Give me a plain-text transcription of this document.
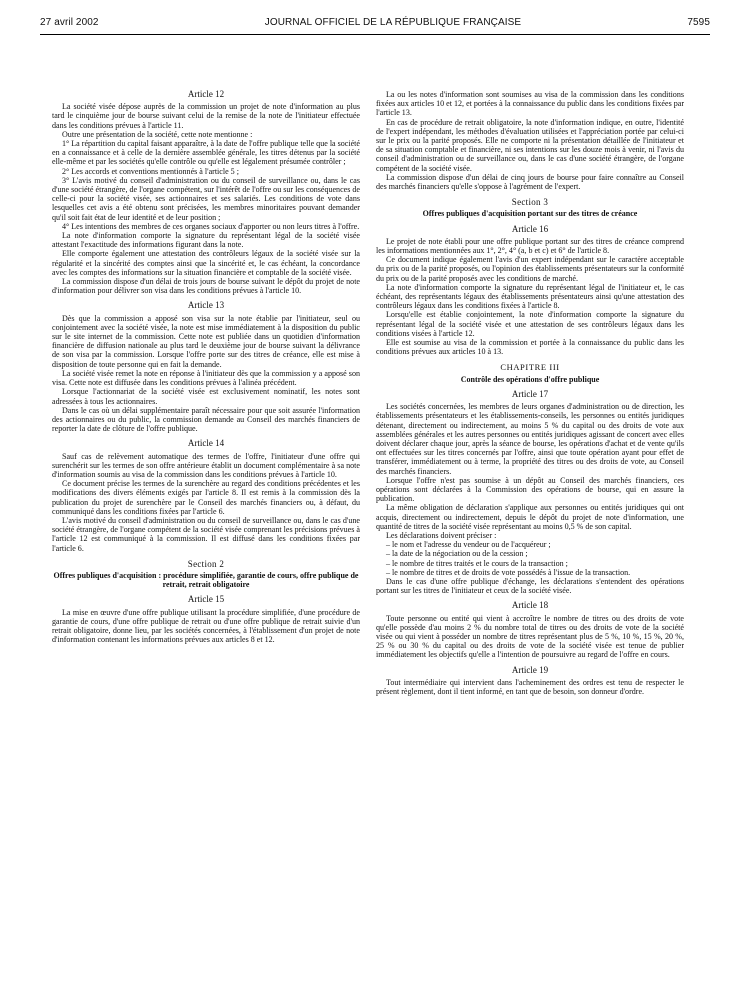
27 avril 2002	JOURNAL OFFICIEL DE LA RÉPUBLIQUE FRANÇAISE	7595
Article 12

La société visée dépose auprès de la commission un projet de note d'information au plus tard le cinquième jour de bourse suivant celui de la remise de la note de l'initiateur effectuée dans les conditions prévues à l'article 11.

Outre une présentation de la société, cette note mentionne :

1° La répartition du capital faisant apparaître, à la date de l'offre publique telle que la société en a connaissance et à celle de la dernière assemblée générale, les titres détenus par la société elle-même et par les sociétés qu'elle contrôle ou qu'elle est légalement présumée contrôler ;

2° Les accords et conventions mentionnés à l'article 5 ;

3° L'avis motivé du conseil d'administration ou du conseil de surveillance ou, dans le cas d'une société étrangère, de l'organe compétent, sur l'intérêt de l'offre ou sur les conséquences de celle-ci pour la société visée, ses actionnaires et ses salariés. Les conditions de vote dans lesquelles cet avis a été obtenu sont précisées, les membres minoritaires pouvant demander qu'il soit fait état de leur identité et de leur position ;

4° Les intentions des membres de ces organes sociaux d'apporter ou non leurs titres à l'offre.

La note d'information comporte la signature du représentant légal de la société visée attestant l'exactitude des informations figurant dans la note.

Elle comporte également une attestation des contrôleurs légaux de la société visée sur la régularité et la sincérité des comptes ainsi que la sincérité et, le cas échéant, la concordance avec les comptes des informations sur la situation financière et comptable de la société visée.

La commission dispose d'un délai de trois jours de bourse suivant le dépôt du projet de note d'information pour délivrer son visa dans les conditions prévues à l'article 10.

Article 13

Dès que la commission a apposé son visa sur la note établie par l'initiateur, seul ou conjointement avec la société visée, la note est mise immédiatement à la disposition du public sur le site internet de la commission. Cette note est publiée dans un quotidien d'information financière de diffusion nationale au plus tard le deuxième jour de bourse suivant la délivrance de son visa par la commission. Lorsque l'offre porte sur des titres de créance, elle est mise à disposition de toute personne qui en fait la demande.

La société visée remet la note en réponse à l'initiateur dès que la commission y a apposé son visa. Cette note est diffusée dans les conditions prévues à l'alinéa précédent.

Lorsque l'actionnariat de la société visée est exclusivement nominatif, les notes sont adressées à tous les actionnaires.

Dans le cas où un délai supplémentaire paraît nécessaire pour que soit assurée l'information des actionnaires ou du public, la commission demande au Conseil des marchés financiers de reporter la date de clôture de l'offre publique.

Article 14

Sauf cas de relèvement automatique des termes de l'offre, l'initiateur d'une offre qui surenchérit sur les termes de son offre antérieure établit un document complémentaire à sa note d'information soumis au visa de la commission dans les conditions prévues à l'article 10.

Ce document précise les termes de la surenchère au regard des conditions précédentes et les modifications des divers éléments exigés par l'article 8. Il est remis à la commission dès la publication du projet de surenchère par le Conseil des marchés financiers ou, à défaut, du communiqué dans les conditions fixées par l'article 6.

L'avis motivé du conseil d'administration ou du conseil de surveillance ou, dans le cas d'une société étrangère, de l'organe compétent de la société visée comprenant les précisions prévues à l'article 12 est communiqué à la commission. Il est diffusé dans les conditions fixées par l'article 6.

Section 2
Offres publiques d'acquisition : procédure simplifiée, garantie de cours, offre publique de retrait, retrait obligatoire
Article 15

La mise en œuvre d'une offre publique utilisant la procédure simplifiée, d'une procédure de garantie de cours, d'une offre publique de retrait ou d'une offre publique de retrait suivie d'un retrait obligatoire, donne lieu, par les sociétés concernées, à l'établissement d'un projet de note d'information contenant les informations prévues aux articles 8 et 12.

La ou les notes d'information sont soumises au visa de la commission dans les conditions fixées aux articles 10 et 12, et portées à la connaissance du public dans les conditions fixées par l'article 13.

En cas de procédure de retrait obligatoire, la note d'information indique, en outre, l'identité de l'expert indépendant, les méthodes d'évaluation utilisées et l'appréciation portée par celui-ci sur le prix ou la parité proposés. Elle ne comporte ni la présentation détaillée de l'initiateur et de sa situation comptable et financière, ni ses intentions sur les douze mois à venir, ni l'avis du conseil d'administration ou de surveillance ou, dans le cas d'une société étrangère, de l'organe compétent de la société visée.

La commission dispose d'un délai de cinq jours de bourse pour faire connaître au Conseil des marchés financiers qu'elle s'oppose à l'agrément de l'expert.

Section 3
Offres publiques d'acquisition portant sur des titres de créance
Article 16

Le projet de note établi pour une offre publique portant sur des titres de créance comprend les informations mentionnées aux 1°, 2°, 4° (a, b et c) et 6° de l'article 8.

Ce document indique également l'avis d'un expert indépendant sur le caractère acceptable du prix ou de la parité proposés, ou l'opinion des établissements présentateurs sur la conformité du prix ou de la parité proposés avec les conditions de marché.

La note d'information comporte la signature du représentant légal de l'initiateur et, le cas échéant, des représentants légaux des établissements présentateurs ainsi qu'une attestation des contrôleurs légaux dans les conditions fixées à l'article 8.

Lorsqu'elle est établie conjointement, la note d'information comporte la signature du représentant légal de la société visée et une attestation de ses contrôleurs légaux dans les conditions visées à l'article 12.

Elle est soumise au visa de la commission et portée à la connaissance du public dans les conditions prévues aux articles 10 à 13.

CHAPITRE III
Contrôle des opérations d'offre publique
Article 17

Les sociétés concernées, les membres de leurs organes d'administration ou de direction, les établissements présentateurs et les établissements-conseils, les personnes ou entités juridiques détenant, directement ou indirectement, au moins 5 % du capital ou des droits de vote aux assemblées générales et les autres personnes ou entités juridiques agissant de concert avec elles doivent déclarer chaque jour, après la séance de bourse, les opérations d'achat et de vente qu'ils ont effectuées sur les titres concernés par l'offre, ainsi que toute opération ayant pour effet de transférer, immédiatement ou à terme, la propriété des titres ou des droits de vote, au Conseil des marchés financiers.

Lorsque l'offre n'est pas soumise à un dépôt au Conseil des marchés financiers, ces opérations sont déclarées à la Commission des opérations de bourse, qui en assure la publication.

La même obligation de déclaration s'applique aux personnes ou entités juridiques qui ont acquis, directement ou indirectement, depuis le dépôt du projet de note d'information, une quantité de titres de la société visée représentant au moins 0,5 % de son capital.

Les déclarations doivent préciser :

– le nom et l'adresse du vendeur ou de l'acquéreur ;

– la date de la négociation ou de la cession ;

– le nombre de titres traités et le cours de la transaction ;

– le nombre de titres et de droits de vote possédés à l'issue de la transaction.

Dans le cas d'une offre publique d'échange, les déclarations s'entendent des opérations portant sur les titres de l'initiateur et ceux de la société visée.

Article 18

Toute personne ou entité qui vient à accroître le nombre de titres ou des droits de vote qu'elle possède d'au moins 2 % du nombre total de titres ou des droits de vote de la société visée ou qui vient à posséder un nombre de titres représentant plus de 5 %, 10 %, 15 %, 20 %, 25 % ou 30 % du capital ou des droits de vote de la société visée est tenue de publier immédiatement les objectifs qu'elle a l'intention de poursuivre au regard de l'offre en cours.

Article 19

Tout intermédiaire qui intervient dans l'acheminement des ordres est tenu de respecter le présent règlement, dont il tient informé, en tant que de besoin, son donneur d'ordre.
